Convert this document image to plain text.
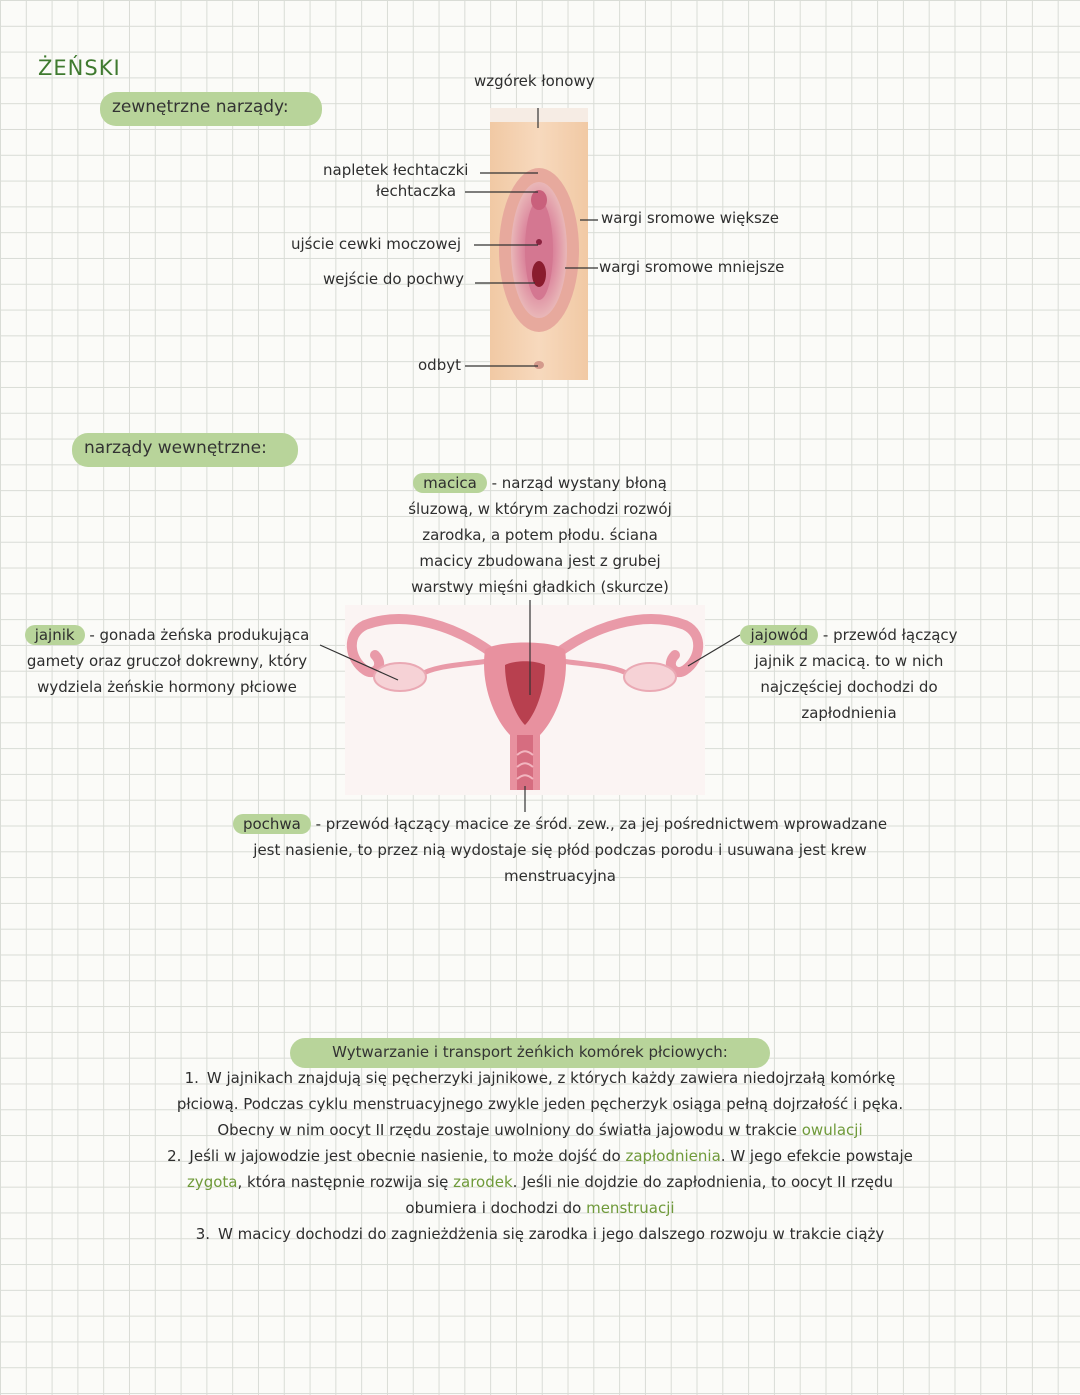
ŻEŃSKI
zewnętrzne narządy:
wzgórek łonowy
napletek łechtaczki
łechtaczka
ujście cewki moczowej
wejście do pochwy
odbyt
wargi sromowe większe
wargi sromowe mniejsze
narządy wewnętrzne:
macica - narząd wystany błoną
śluzową, w którym zachodzi rozwój
zarodka, a potem płodu. ściana
macicy zbudowana jest z grubej
warstwy mięśni gładkich (skurcze)
jajnik - gonada żeńska produkująca
gamety oraz gruczoł dokrewny, który
wydziela żeńskie hormony płciowe
jajowód - przewód łączący
jajnik z macicą. to w nich
najczęściej dochodzi do
zapłodnienia
pochwa - przewód łączący macice ze śród. zew., za jej pośrednictwem wprowadzane
jest nasienie, to przez nią wydostaje się płód podczas porodu i usuwana jest krew
menstruacyjna
Wytwarzanie i transport żeńkich komórek płciowych:
1. W jajnikach znajdują się pęcherzyki jajnikowe, z których każdy zawiera niedojrzałą komórkę
płciową. Podczas cyklu menstruacyjnego zwykle jeden pęcherzyk osiąga pełną dojrzałość i pęka.
Obecny w nim oocyt II rzędu zostaje uwolniony do światła jajowodu w trakcie owulacji
2. Jeśli w jajowodzie jest obecnie nasienie, to może dojść do zapłodnienia. W jego efekcie powstaje
zygota, która następnie rozwija się zarodek. Jeśli nie dojdzie do zapłodnienia, to oocyt II rzędu
obumiera i dochodzi do menstruacji
3. W macicy dochodzi do zagnieżdżenia się zarodka i jego dalszego rozwoju w trakcie ciąży
